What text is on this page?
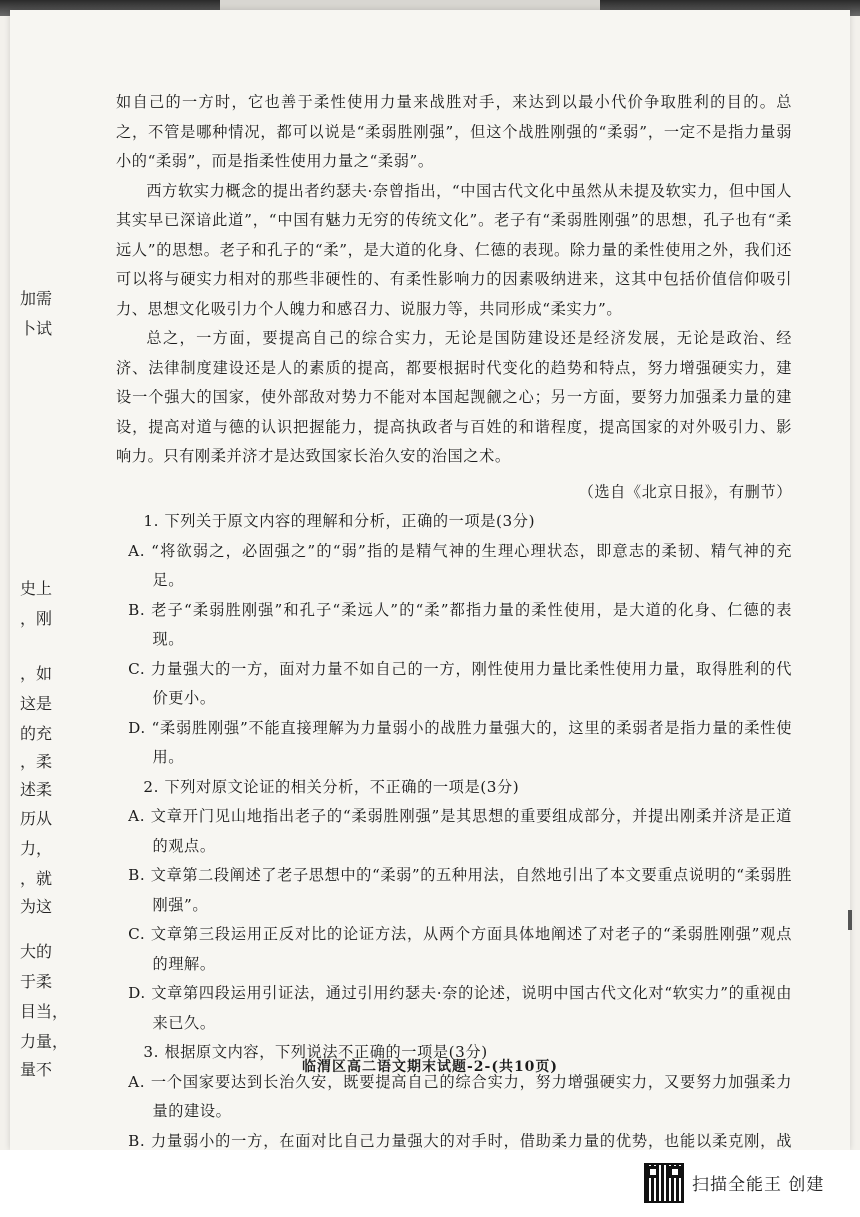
加需
卜试
史上
，刚
，如
这是
的充
，柔
述柔
历从
力，
，就
为这
大的
于柔
目当，
力量，
量不

如自己的一方时，它也善于柔性使用力量来战胜对手，来达到以最小代价争取胜利的目的。总之，不管是哪种情况，都可以说是“柔弱胜刚强”，但这个战胜刚强的“柔弱”，一定不是指力量弱小的“柔弱”，而是指柔性使用力量之“柔弱”。

西方软实力概念的提出者约瑟夫·奈曾指出，“中国古代文化中虽然从未提及软实力，但中国人其实早已深谙此道”，“中国有魅力无穷的传统文化”。老子有“柔弱胜刚强”的思想，孔子也有“柔远人”的思想。老子和孔子的“柔”，是大道的化身、仁德的表现。除力量的柔性使用之外，我们还可以将与硬实力相对的那些非硬性的、有柔性影响力的因素吸纳进来，这其中包括价值信仰吸引力、思想文化吸引力个人魄力和感召力、说服力等，共同形成“柔实力”。

总之，一方面，要提高自己的综合实力，无论是国防建设还是经济发展，无论是政治、经济、法律制度建设还是人的素质的提高，都要根据时代变化的趋势和特点，努力增强硬实力，建设一个强大的国家，使外部敌对势力不能对本国起觊觎之心；另一方面，要努力加强柔力量的建设，提高对道与德的认识把握能力，提高执政者与百姓的和谐程度，提高国家的对外吸引力、影响力。只有刚柔并济才是达致国家长治久安的治国之术。

（选自《北京日报》，有删节）

1. 下列关于原文内容的理解和分析，正确的一项是(3分)

A. “将欲弱之，必固强之”的“弱”指的是精气神的生理心理状态，即意志的柔韧、精气神的充足。

B. 老子“柔弱胜刚强”和孔子“柔远人”的“柔”都指力量的柔性使用，是大道的化身、仁德的表现。

C. 力量强大的一方，面对力量不如自己的一方，刚性使用力量比柔性使用力量，取得胜利的代价更小。

D. “柔弱胜刚强”不能直接理解为力量弱小的战胜力量强大的，这里的柔弱者是指力量的柔性使用。

2. 下列对原文论证的相关分析，不正确的一项是(3分)

A. 文章开门见山地指出老子的“柔弱胜刚强”是其思想的重要组成部分，并提出刚柔并济是正道的观点。

B. 文章第二段阐述了老子思想中的“柔弱”的五种用法，自然地引出了本文要重点说明的“柔弱胜刚强”。

C. 文章第三段运用正反对比的论证方法，从两个方面具体地阐述了对老子的“柔弱胜刚强”观点的理解。

D. 文章第四段运用引证法，通过引用约瑟夫·奈的论述，说明中国古代文化对“软实力”的重视由来已久。

3. 根据原文内容，下列说法不正确的一项是(3分)

A. 一个国家要达到长治久安，既要提高自己的综合实力，努力增强硬实力，又要努力加强柔力量的建设。

B. 力量弱小的一方，在面对比自己力量强大的对手时，借助柔力量的优势，也能以柔克刚，战

临渭区高二语文期末试题-2-(共10页)
扫描全能王 创建
